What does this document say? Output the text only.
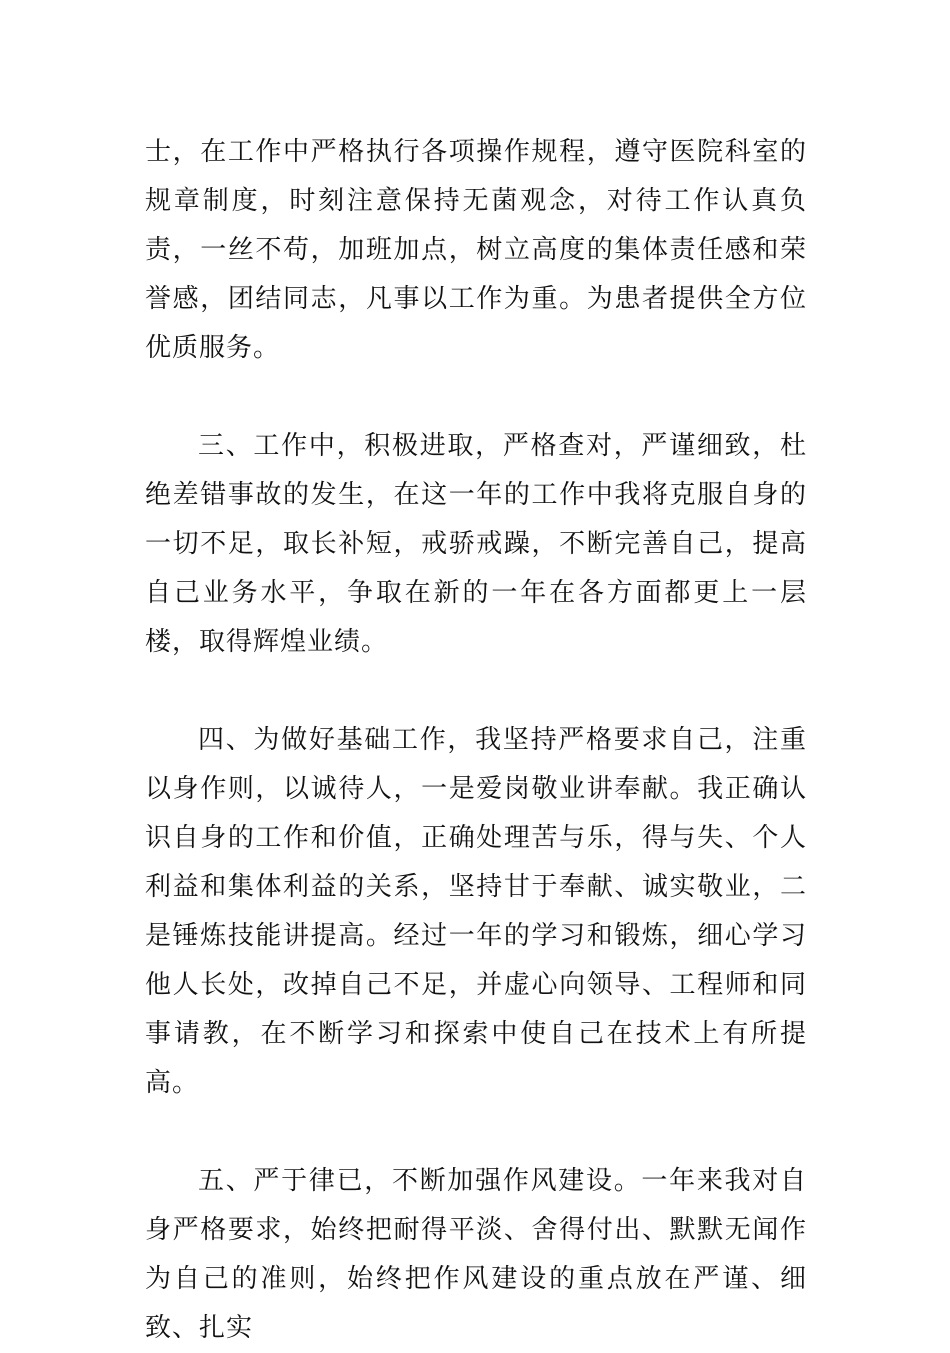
士，在工作中严格执行各项操作规程，遵守医院科室的规章制度，时刻注意保持无菌观念，对待工作认真负责，一丝不苟，加班加点，树立高度的集体责任感和荣誉感，团结同志，凡事以工作为重。为患者提供全方位优质服务。

三、工作中，积极进取，严格查对，严谨细致，杜绝差错事故的发生，在这一年的工作中我将克服自身的一切不足，取长补短，戒骄戒躁，不断完善自己，提高自己业务水平，争取在新的一年在各方面都更上一层楼，取得辉煌业绩。

四、为做好基础工作，我坚持严格要求自己，注重以身作则，以诚待人，一是爱岗敬业讲奉献。我正确认识自身的工作和价值，正确处理苦与乐，得与失、个人利益和集体利益的关系，坚持甘于奉献、诚实敬业，二是锤炼技能讲提高。经过一年的学习和锻炼，细心学习他人长处，改掉自己不足，并虚心向领导、工程师和同事请教，在不断学习和探索中使自己在技术上有所提高。

五、严于律已，不断加强作风建设。一年来我对自身严格要求，始终把耐得平淡、舍得付出、默默无闻作为自己的准则，始终把作风建设的重点放在严谨、细致、扎实
